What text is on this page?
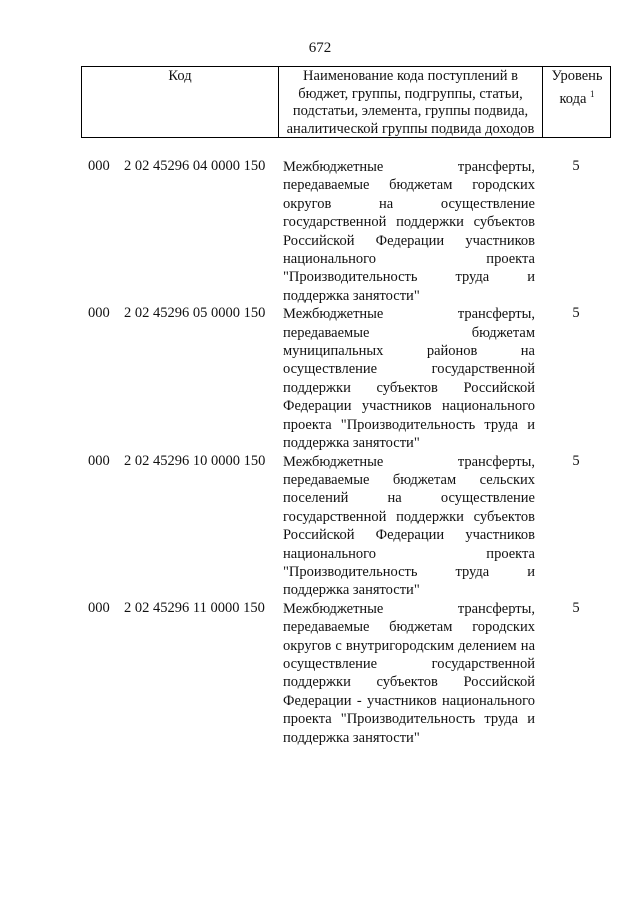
672
Код	Наименование кода поступлений в
бюджет, группы, подгруппы, статьи,
подстатьи, элемента, группы подвида,
аналитической группы подвида доходов
Уровень
кода $^1$
000 2 02 45296 04 0000 150	Межбюджетные трансферты,
передаваемые бюджетам городских
округов на осуществление
государственной поддержки субъектов
Российской Федерации участников
национального проекта
"Производительность труда и
поддержка занятости"
5
000 2 02 45296 05 0000 150	Межбюджетные трансферты,
передаваемые бюджетам
муниципальных районов на
осуществление государственной
поддержки субъектов Российской
Федерации участников национального
проекта "Производительность труда и
поддержка занятости"
5
000 2 02 45296 10 0000 150	Межбюджетные трансферты,
передаваемые бюджетам сельских
поселений на осуществление
государственной поддержки субъектов
Российской Федерации участников
национального проекта
"Производительность труда и
поддержка занятости"
5
000 2 02 45296 11 0000 150	Межбюджетные трансферты,
передаваемые бюджетам городских
округов с внутригородским делением на
осуществление государственной
поддержки субъектов Российской
Федерации - участников национального
проекта "Производительность труда и
поддержка занятости"
5
